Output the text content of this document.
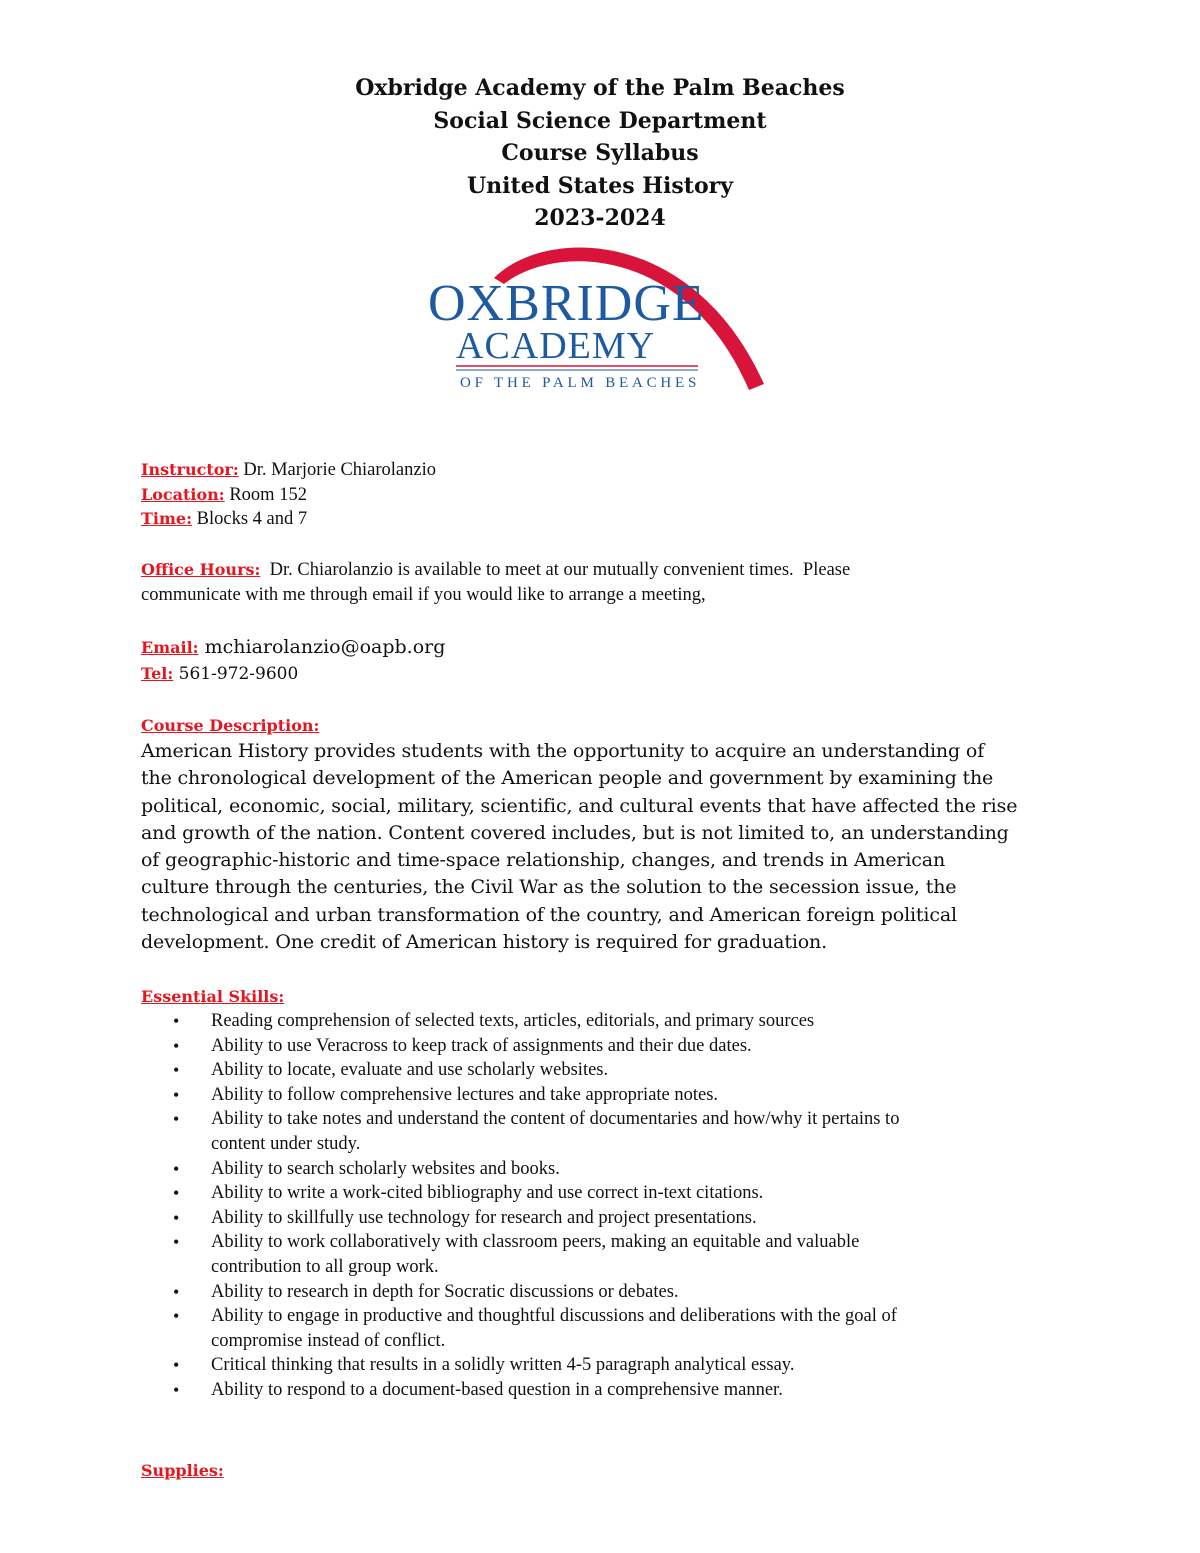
Oxbridge Academy of the Palm Beaches
Social Science Department
Course Syllabus
United States History
2023-2024
OXBRIDGE
ACADEMY
OF THE PALM BEACHES
Instructor: Dr. Marjorie Chiarolanzio
Location: Room 152
Time: Blocks 4 and 7
Office Hours:  Dr. Chiarolanzio is available to meet at our mutually convenient times.  Please
communicate with me through email if you would like to arrange a meeting,
Email: mchiarolanzio@oapb.org
Tel: 561-972-9600
Course Description:
American History provides students with the opportunity to acquire an understanding of
the chronological development of the American people and government by examining the
political, economic, social, military, scientific, and cultural events that have affected the rise
and growth of the nation. Content covered includes, but is not limited to, an understanding
of geographic-historic and time-space relationship, changes, and trends in American
culture through the centuries, the Civil War as the solution to the secession issue, the
technological and urban transformation of the country, and American foreign political
development. One credit of American history is required for graduation.
Essential Skills:
• Reading comprehension of selected texts, articles, editorials, and primary sources
• Ability to use Veracross to keep track of assignments and their due dates.
• Ability to locate, evaluate and use scholarly websites.
• Ability to follow comprehensive lectures and take appropriate notes.
• Ability to take notes and understand the content of documentaries and how/why it pertains to
content under study.
• Ability to search scholarly websites and books.
• Ability to write a work-cited bibliography and use correct in-text citations.
• Ability to skillfully use technology for research and project presentations.
• Ability to work collaboratively with classroom peers, making an equitable and valuable
contribution to all group work.
• Ability to research in depth for Socratic discussions or debates.
• Ability to engage in productive and thoughtful discussions and deliberations with the goal of
compromise instead of conflict.
• Critical thinking that results in a solidly written 4-5 paragraph analytical essay.
• Ability to respond to a document-based question in a comprehensive manner.
Supplies:
